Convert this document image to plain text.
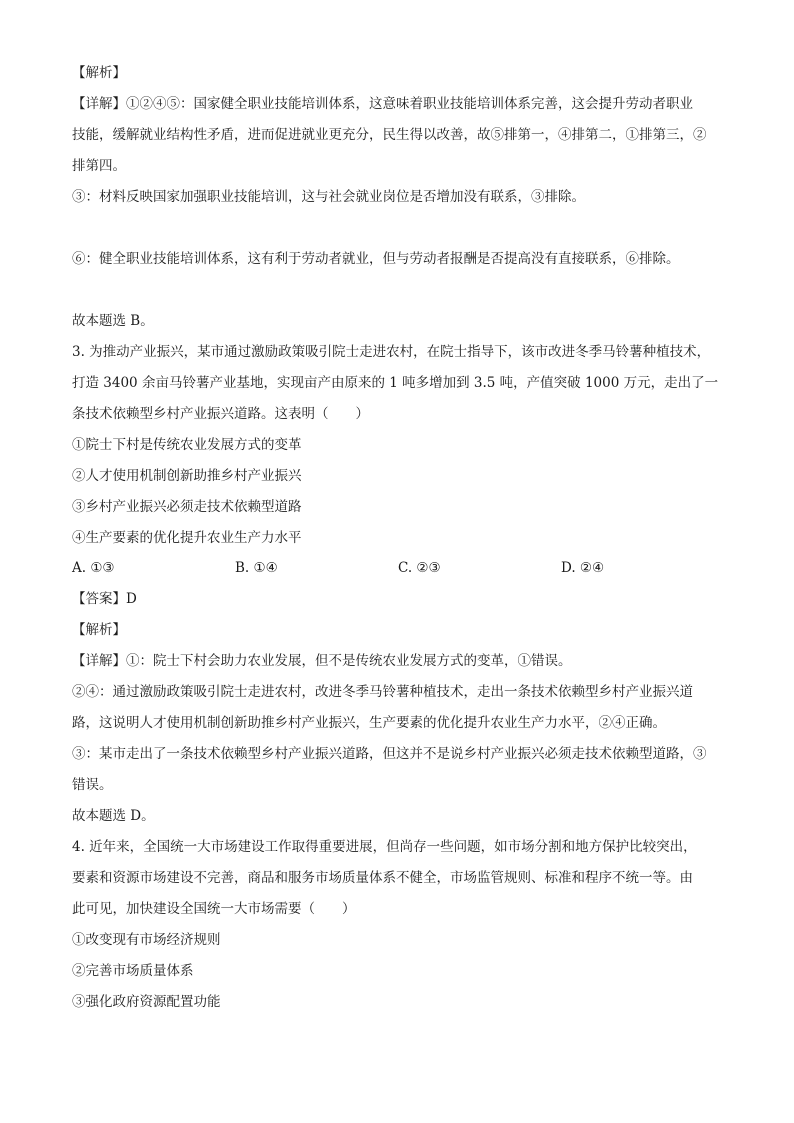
【解析】

【详解】①②④⑤：国家健全职业技能培训体系，这意味着职业技能培训体系完善，这会提升劳动者职业

技能，缓解就业结构性矛盾，进而促进就业更充分，民生得以改善，故⑤排第一，④排第二，①排第三，②

排第四。

③：材料反映国家加强职业技能培训，这与社会就业岗位是否增加没有联系，③排除。

⑥：健全职业技能培训体系，这有利于劳动者就业，但与劳动者报酬是否提高没有直接联系，⑥排除。

故本题选 B。

3. 为推动产业振兴，某市通过激励政策吸引院士走进农村，在院士指导下，该市改进冬季马铃薯种植技术，

打造 3400 余亩马铃薯产业基地，实现亩产由原来的 1 吨多增加到 3.5 吨，产值突破 1000 万元，走出了一

条技术依赖型乡村产业振兴道路。这表明（　　）

①院士下村是传统农业发展方式的变革

②人才使用机制创新助推乡村产业振兴

③乡村产业振兴必须走技术依赖型道路

④生产要素的优化提升农业生产力水平

A. ①③	B. ①④	C. ②③	D. ②④

【答案】D

【解析】

【详解】①：院士下村会助力农业发展，但不是传统农业发展方式的变革，①错误。

②④：通过激励政策吸引院士走进农村，改进冬季马铃薯种植技术，走出一条技术依赖型乡村产业振兴道

路，这说明人才使用机制创新助推乡村产业振兴，生产要素的优化提升农业生产力水平，②④正确。

③：某市走出了一条技术依赖型乡村产业振兴道路，但这并不是说乡村产业振兴必须走技术依赖型道路，③

错误。

故本题选 D。

4. 近年来，全国统一大市场建设工作取得重要进展，但尚存一些问题，如市场分割和地方保护比较突出，

要素和资源市场建设不完善，商品和服务市场质量体系不健全，市场监管规则、标准和程序不统一等。由

此可见，加快建设全国统一大市场需要（　　）

①改变现有市场经济规则

②完善市场质量体系

③强化政府资源配置功能
